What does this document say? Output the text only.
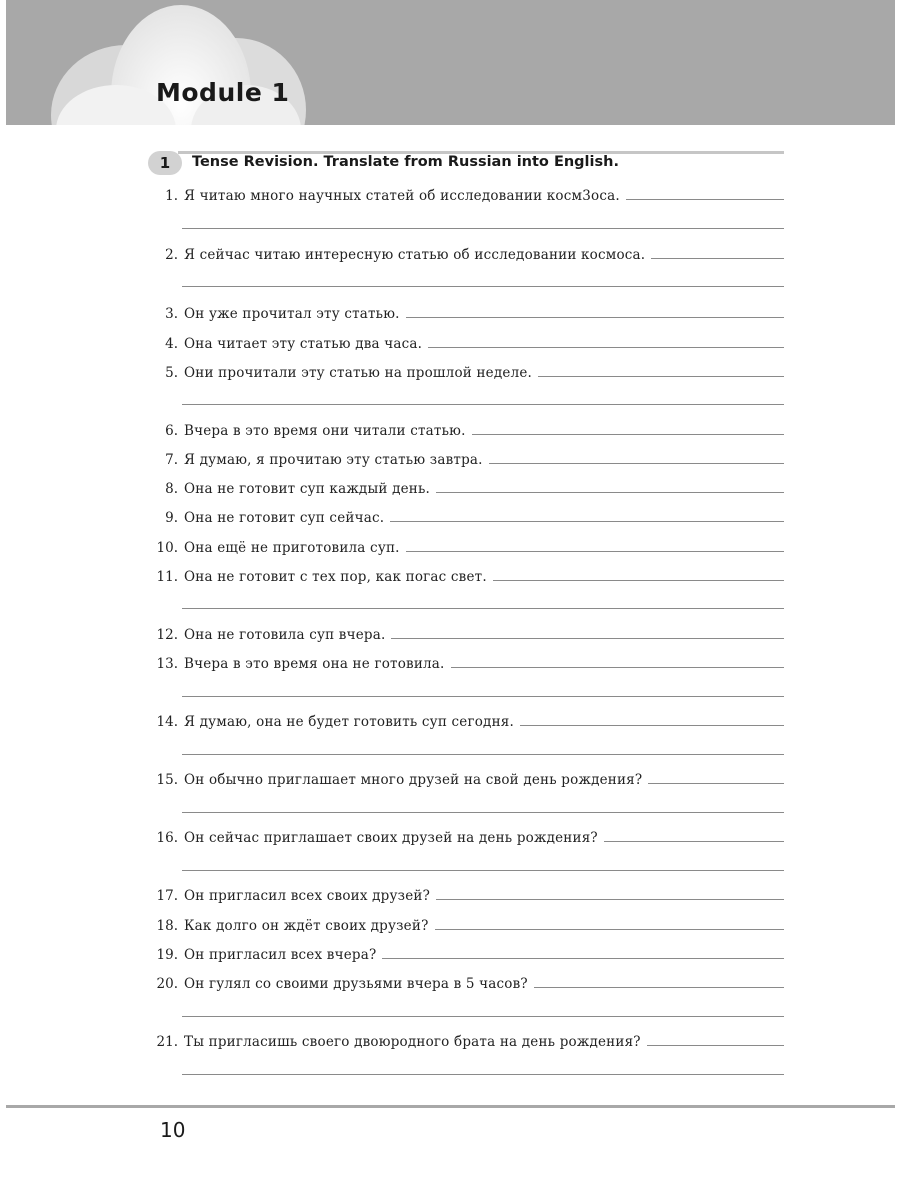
Module 1
1	Tense Revision. Translate from Russian into English.
1. Я читаю много научных статей об исследовании косм3оса.
2. Я сейчас читаю интересную статью об исследовании космоса.
3. Он уже прочитал эту статью.
4. Она читает эту статью два часа.
5. Они прочитали эту статью на прошлой неделе.
6. Вчера в это время они читали статью.
7. Я думаю, я прочитаю эту статью завтра.
8. Она не готовит суп каждый день.
9. Она не готовит суп сейчас.
10. Она ещё не приготовила суп.
11. Она не готовит с тех пор, как погас свет.
12. Она не готовила суп вчера.
13. Вчера в это время она не готовила.
14. Я думаю, она не будет готовить суп сегодня.
15. Он обычно приглашает много друзей на свой день рождения?
16. Он сейчас приглашает своих друзей на день рождения?
17. Он пригласил всех своих друзей?
18. Как долго он ждёт своих друзей?
19. Он пригласил всех вчера?
20. Он гулял со своими друзьями вчера в 5 часов?
21. Ты пригласишь своего двоюродного брата на день рождения?
10
